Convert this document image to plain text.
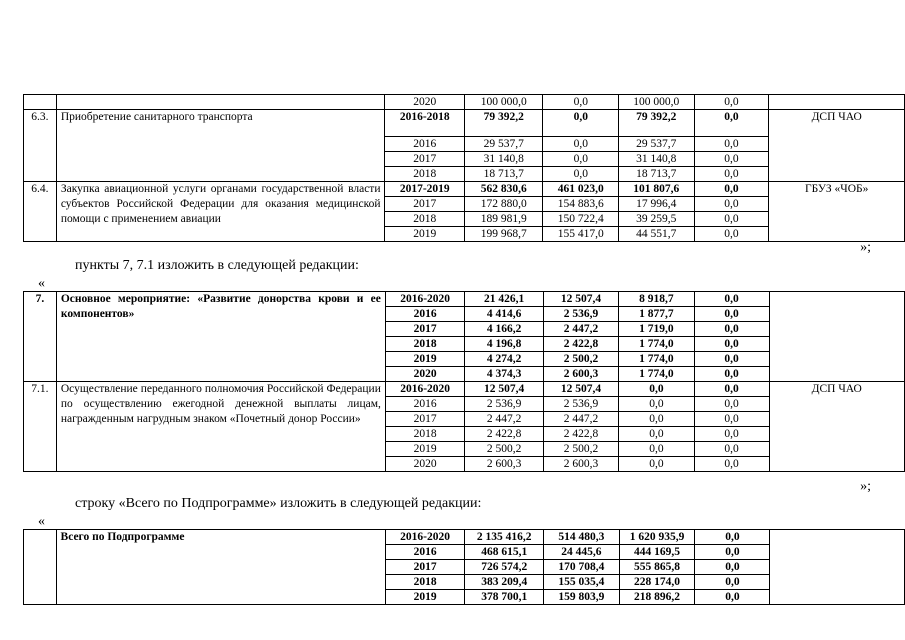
		2020	100 000,0	0,0	100 000,0	0,0	
6.3.	Приобретение санитарного транспорта	2016-2018	79 392,2	0,0	79 392,2	0,0	ДСП ЧАО
		2016	29 537,7	0,0	29 537,7	0,0	
		2017	31 140,8	0,0	31 140,8	0,0	
		2018	18 713,7	0,0	18 713,7	0,0	
6.4.	Закупка авиационной услуги органами государственной власти субъектов Российской Федерации для оказания медицинской помощи с применением авиации	2017-2019	562 830,6	461 023,0	101 807,6	0,0	ГБУЗ «ЧОБ»
		2017	172 880,0	154 883,6	17 996,4	0,0	
		2018	189 981,9	150 722,4	39 259,5	0,0	
		2019	199 968,7	155 417,0	44 551,7	0,0	
»;
пункты 7, 7.1 изложить в следующей редакции:
«
7.	Основное мероприятие: «Развитие донорства крови и ее компонентов»	2016-2020	21 426,1	12 507,4	8 918,7	0,0	
		2016	4 414,6	2 536,9	1 877,7	0,0	
		2017	4 166,2	2 447,2	1 719,0	0,0	
		2018	4 196,8	2 422,8	1 774,0	0,0	
		2019	4 274,2	2 500,2	1 774,0	0,0	
		2020	4 374,3	2 600,3	1 774,0	0,0	
7.1.	Осуществление переданного полномочия Российской Федерации по осуществлению ежегодной денежной выплаты лицам, награжденным нагрудным знаком «Почетный донор России»	2016-2020	12 507,4	12 507,4	0,0	0,0	ДСП ЧАО
		2016	2 536,9	2 536,9	0,0	0,0	
		2017	2 447,2	2 447,2	0,0	0,0	
		2018	2 422,8	2 422,8	0,0	0,0	
		2019	2 500,2	2 500,2	0,0	0,0	
		2020	2 600,3	2 600,3	0,0	0,0	
»;
строку «Всего по Подпрограмме» изложить в следующей редакции:
«
	Всего по Подпрограмме	2016-2020	2 135 416,2	514 480,3	1 620 935,9	0,0	
		2016	468 615,1	24 445,6	444 169,5	0,0	
		2017	726 574,2	170 708,4	555 865,8	0,0	
		2018	383 209,4	155 035,4	228 174,0	0,0	
		2019	378 700,1	159 803,9	218 896,2	0,0	
